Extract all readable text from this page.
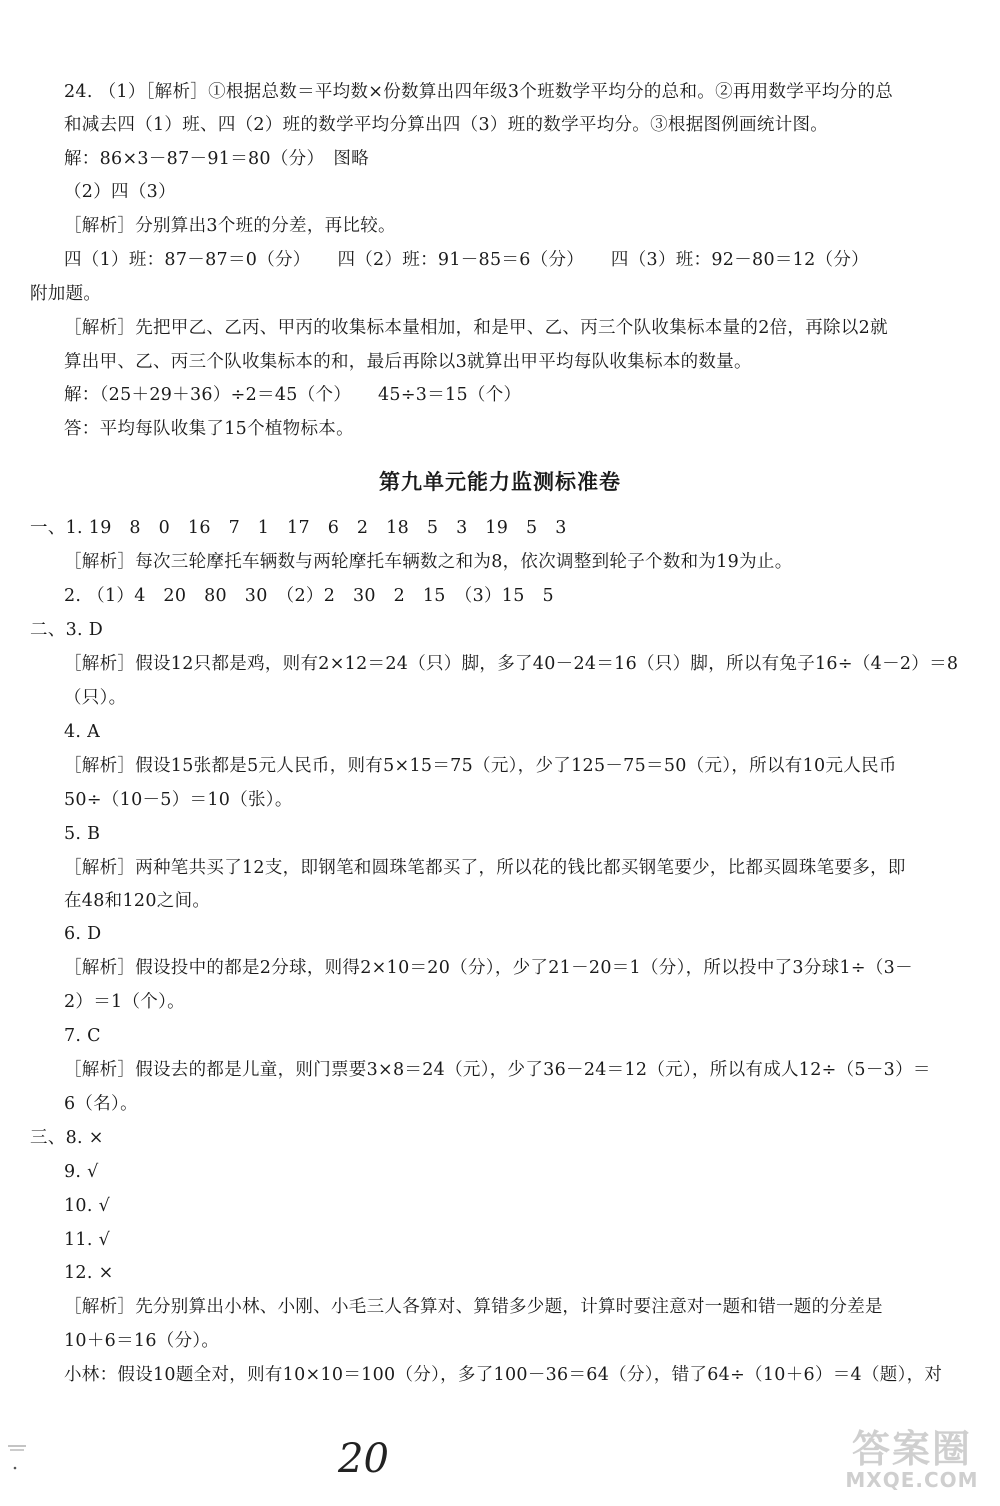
24. （1）［解析］①根据总数＝平均数×份数算出四年级3个班数学平均分的总和。②再用数学平均分的总
和减去四（1）班、四（2）班的数学平均分算出四（3）班的数学平均分。③根据图例画统计图。
解：86×3－87－91＝80（分）　图略
（2）四（3）
［解析］分别算出3个班的分差，再比较。
四（1）班：87－87＝0（分）　　四（2）班：91－85＝6（分）　　四（3）班：92－80＝12（分）
附加题。
［解析］先把甲乙、乙丙、甲丙的收集标本量相加，和是甲、乙、丙三个队收集标本量的2倍，再除以2就
算出甲、乙、丙三个队收集标本的和，最后再除以3就算出甲平均每队收集标本的数量。
解：（25＋29＋36）÷2＝45（个）　　45÷3＝15（个）
答：平均每队收集了15个植物标本。
第九单元能力监测标准卷
一、1. 19　8　0　16　7　1　17　6　2　18　5　3　19　5　3
［解析］每次三轮摩托车辆数与两轮摩托车辆数之和为8，依次调整到轮子个数和为19为止。
2. （1）4　20　80　30　（2）2　30　2　15　（3）15　5
二、3. D
［解析］假设12只都是鸡，则有2×12＝24（只）脚，多了40－24＝16（只）脚，所以有兔子16÷（4－2）＝8
（只）。
4. A
［解析］假设15张都是5元人民币，则有5×15＝75（元），少了125－75＝50（元），所以有10元人民币
50÷（10－5）＝10（张）。
5. B
［解析］两种笔共买了12支，即钢笔和圆珠笔都买了，所以花的钱比都买钢笔要少，比都买圆珠笔要多，即
在48和120之间。
6. D
［解析］假设投中的都是2分球，则得2×10＝20（分），少了21－20＝1（分），所以投中了3分球1÷（3－
2）＝1（个）。
7. C
［解析］假设去的都是儿童，则门票要3×8＝24（元），少了36－24＝12（元），所以有成人12÷（5－3）＝
6（名）。
三、8. ×
9. √
10. √
11. √
12. ×
［解析］先分别算出小林、小刚、小毛三人各算对、算错多少题，计算时要注意对一题和错一题的分差是
10＋6＝16（分）。
小林：假设10题全对，则有10×10＝100（分），多了100－36＝64（分），错了64÷（10＋6）＝4（题），对
20	答案圈
MXQE.COM
